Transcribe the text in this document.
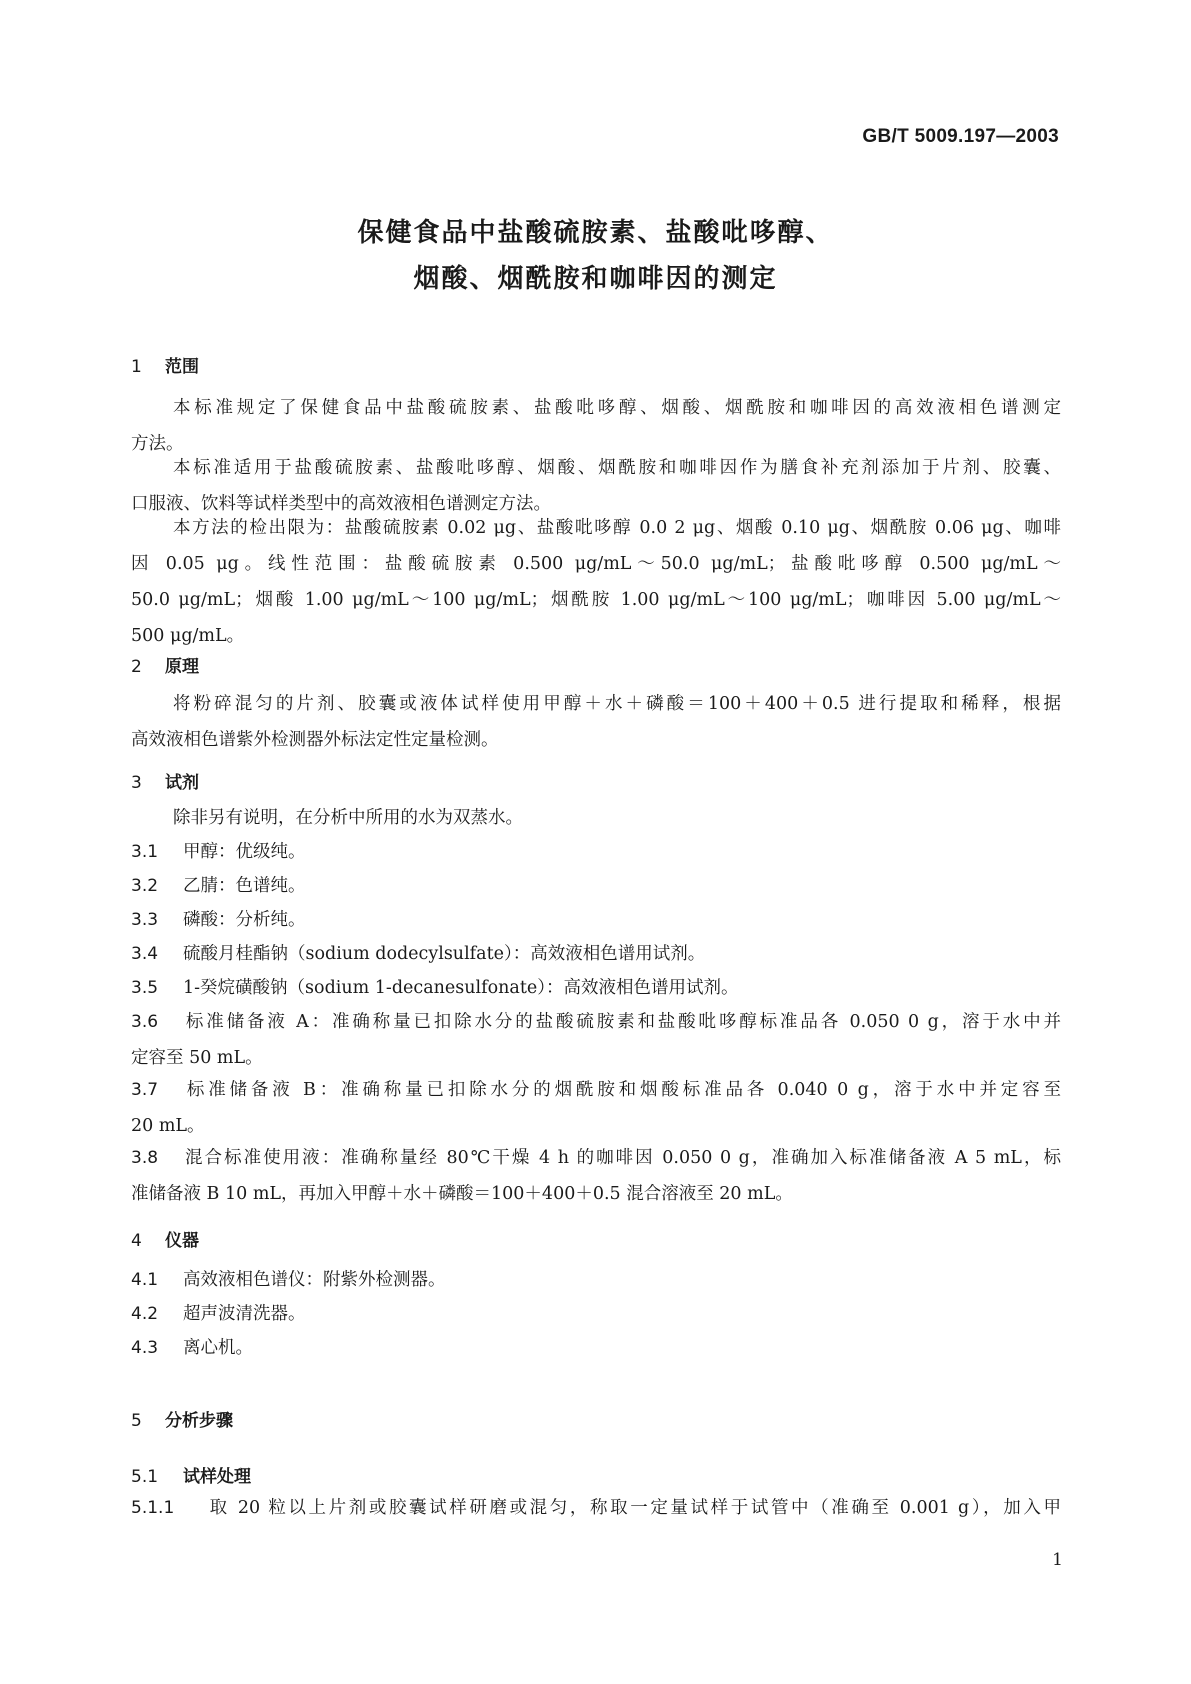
GB/T 5009.197—2003
保健食品中盐酸硫胺素、盐酸吡哆醇、
烟酸、烟酰胺和咖啡因的测定
1 范围
本标准规定了保健食品中盐酸硫胺素、盐酸吡哆醇、烟酸、烟酰胺和咖啡因的高效液相色谱测定
方法。
本标准适用于盐酸硫胺素、盐酸吡哆醇、烟酸、烟酰胺和咖啡因作为膳食补充剂添加于片剂、胶囊、
口服液、饮料等试样类型中的高效液相色谱测定方法。
本方法的检出限为：盐酸硫胺素 0.02 μg、盐酸吡哆醇 0.0 2 μg、烟酸 0.10 μg、烟酰胺 0.06 μg、咖啡
因 0.05 μg。线性范围：盐酸硫胺素 0.500 μg/mL～50.0 μg/mL；盐酸吡哆醇 0.500 μg/mL～
50.0 μg/mL；烟酸 1.00 μg/mL～100 μg/mL；烟酰胺 1.00 μg/mL～100 μg/mL；咖啡因 5.00 μg/mL～
500 μg/mL。
2 原理
将粉碎混匀的片剂、胶囊或液体试样使用甲醇＋水＋磷酸＝100＋400＋0.5 进行提取和稀释，根据
高效液相色谱紫外检测器外标法定性定量检测。
3 试剂
除非另有说明，在分析中所用的水为双蒸水。
3.1 甲醇：优级纯。
3.2 乙腈：色谱纯。
3.3 磷酸：分析纯。
3.4 硫酸月桂酯钠（sodium dodecylsulfate）：高效液相色谱用试剂。
3.5 1-癸烷磺酸钠（sodium 1-decanesulfonate）：高效液相色谱用试剂。
3.6 标准储备液 A：准确称量已扣除水分的盐酸硫胺素和盐酸吡哆醇标准品各 0.050 0 g，溶于水中并
定容至 50 mL。
3.7 标准储备液 B：准确称量已扣除水分的烟酰胺和烟酸标准品各 0.040 0 g，溶于水中并定容至
20 mL。
3.8 混合标准使用液：准确称量经 80℃干燥 4 h 的咖啡因 0.050 0 g，准确加入标准储备液 A 5 mL，标
准储备液 B 10 mL，再加入甲醇＋水＋磷酸＝100＋400＋0.5 混合溶液至 20 mL。
4 仪器
4.1 高效液相色谱仪：附紫外检测器。
4.2 超声波清洗器。
4.3 离心机。
5 分析步骤
5.1 试样处理
5.1.1 取 20 粒以上片剂或胶囊试样研磨或混匀，称取一定量试样于试管中（准确至 0.001 g），加入甲
1
